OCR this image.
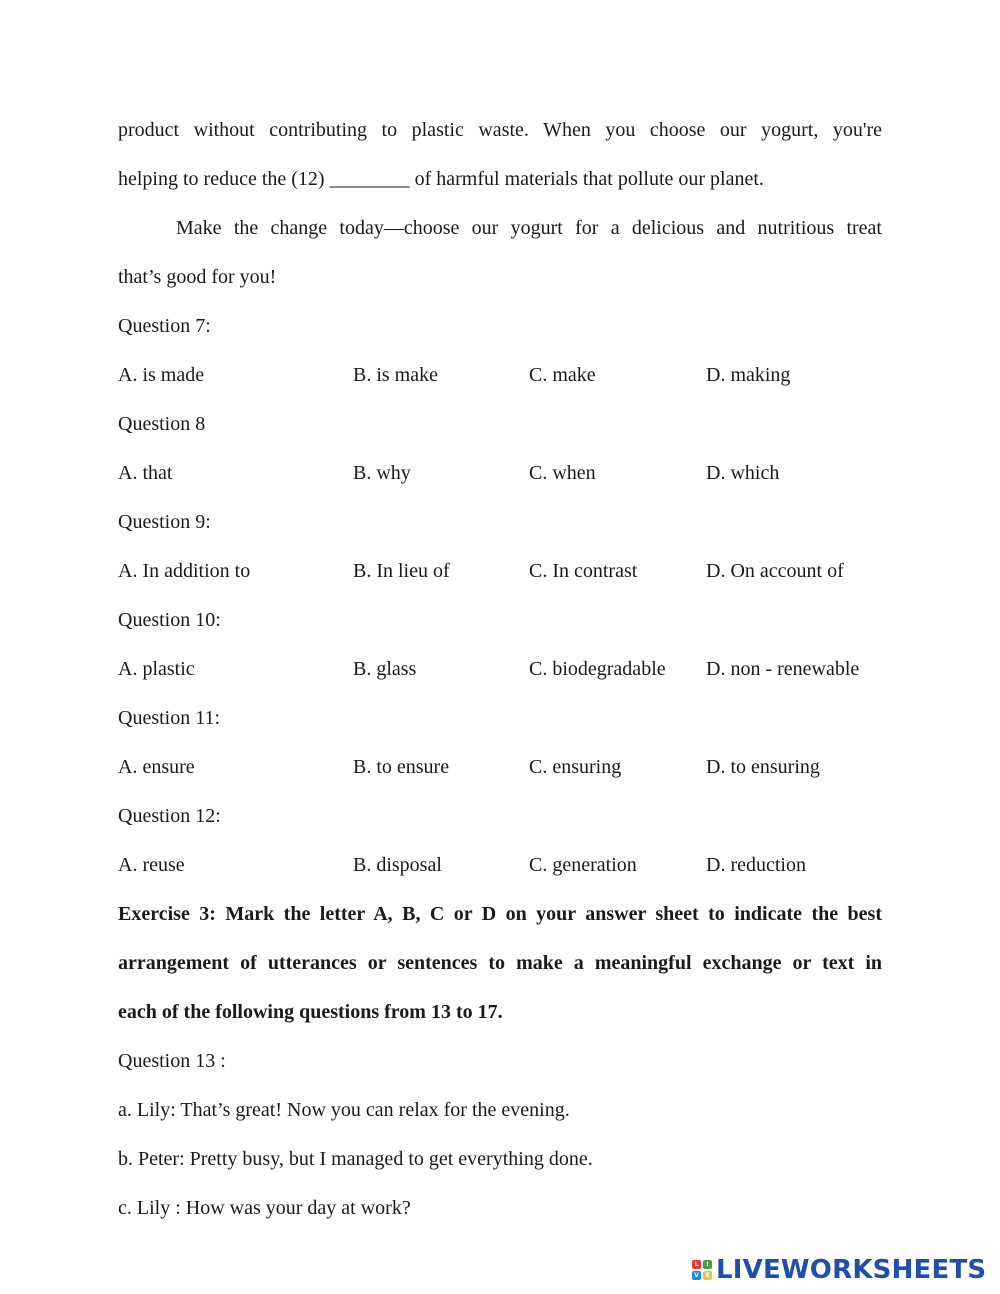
product without contributing to plastic waste. When you choose our yogurt, you're
helping to reduce the (12) ________ of harmful materials that pollute our planet.
Make the change today—choose our yogurt for a delicious and nutritious treat
that’s good for you!
Question 7:
A. is made	B. is make	C. make	D. making
Question 8
A. that	B. why	C. when	D. which
Question 9:
A. In addition to	B. In lieu of	C. In contrast	D. On account of
Question 10:
A. plastic	B. glass	C. biodegradable D. non - renewable
Question 11:
A. ensure	B. to ensure	C. ensuring	D. to ensuring
Question 12:
A. reuse	B. disposal	C. generation	D. reduction
Exercise 3: Mark the letter A, B, C or D on your answer sheet to indicate the best
arrangement of utterances or sentences to make a meaningful exchange or text in
each of the following questions from 13 to 17.
Question 13 :
a. Lily: That’s great! Now you can relax for the evening.
b. Peter: Pretty busy, but I managed to get everything done.
c. Lily : How was your day at work?
L	I
V	E LIVEWORKSHEETS
